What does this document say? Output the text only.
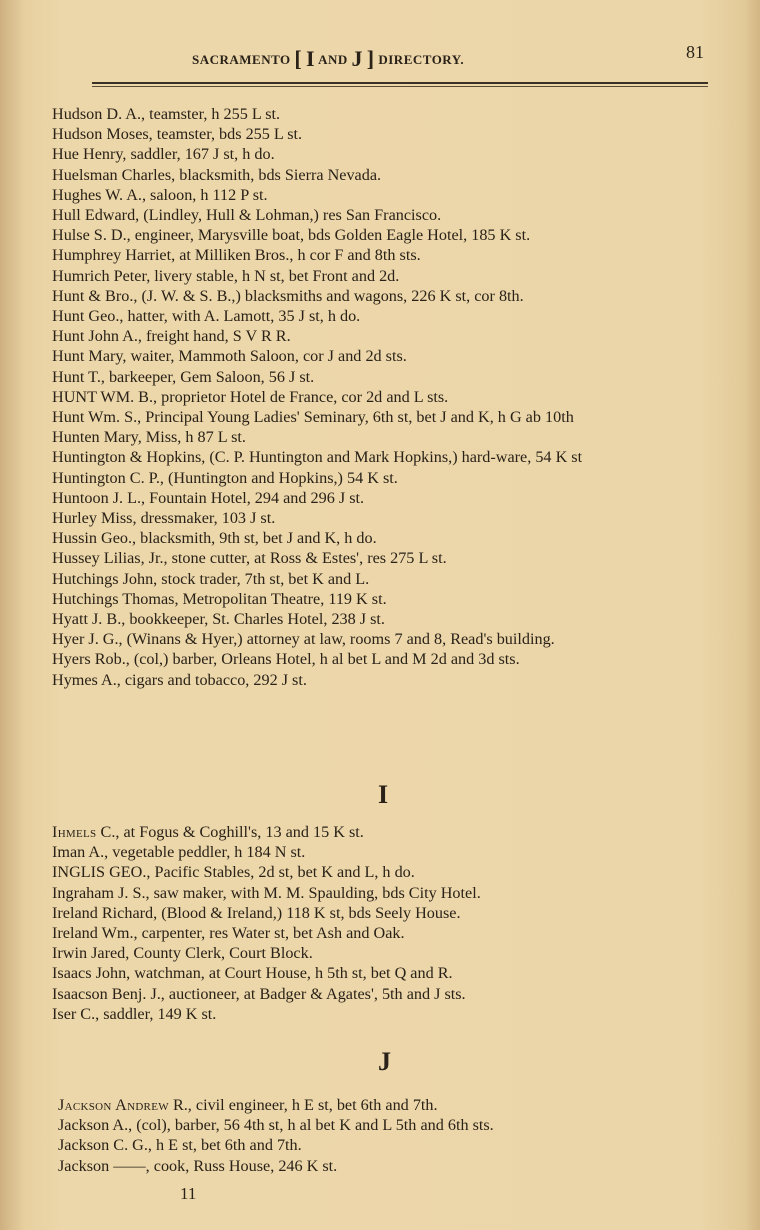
SACRAMENTO [ I AND J ] DIRECTORY.	81
Hudson D. A., teamster, h 255 L st.
Hudson Moses, teamster, bds 255 L st.
Hue Henry, saddler, 167 J st, h do.
Huelsman Charles, blacksmith, bds Sierra Nevada.
Hughes W. A., saloon, h 112 P st.
Hull Edward, (Lindley, Hull & Lohman,) res San Francisco.
Hulse S. D., engineer, Marysville boat, bds Golden Eagle Hotel, 185 K st.
Humphrey Harriet, at Milliken Bros., h cor F and 8th sts.
Humrich Peter, livery stable, h N st, bet Front and 2d.
Hunt & Bro., (J. W. & S. B.,) blacksmiths and wagons, 226 K st, cor 8th.
Hunt Geo., hatter, with A. Lamott, 35 J st, h do.
Hunt John A., freight hand, S V R R.
Hunt Mary, waiter, Mammoth Saloon, cor J and 2d sts.
Hunt T., barkeeper, Gem Saloon, 56 J st.
HUNT WM. B., proprietor Hotel de France, cor 2d and L sts.
Hunt Wm. S., Principal Young Ladies' Seminary, 6th st, bet J and K, h G ab 10th
Hunten Mary, Miss, h 87 L st.
Huntington & Hopkins, (C. P. Huntington and Mark Hopkins,) hard-ware, 54 K st
Huntington C. P., (Huntington and Hopkins,) 54 K st.
Huntoon J. L., Fountain Hotel, 294 and 296 J st.
Hurley Miss, dressmaker, 103 J st.
Hussin Geo., blacksmith, 9th st, bet J and K, h do.
Hussey Lilias, Jr., stone cutter, at Ross & Estes', res 275 L st.
Hutchings John, stock trader, 7th st, bet K and L.
Hutchings Thomas, Metropolitan Theatre, 119 K st.
Hyatt J. B., bookkeeper, St. Charles Hotel, 238 J st.
Hyer J. G., (Winans & Hyer,) attorney at law, rooms 7 and 8, Read's building.
Hyers Rob., (col,) barber, Orleans Hotel, h al bet L and M 2d and 3d sts.
Hymes A., cigars and tobacco, 292 J st.
I
Ihmels C., at Fogus & Coghill's, 13 and 15 K st.
Iman A., vegetable peddler, h 184 N st.
INGLIS GEO., Pacific Stables, 2d st, bet K and L, h do.
Ingraham J. S., saw maker, with M. M. Spaulding, bds City Hotel.
Ireland Richard, (Blood & Ireland,) 118 K st, bds Seely House.
Ireland Wm., carpenter, res Water st, bet Ash and Oak.
Irwin Jared, County Clerk, Court Block.
Isaacs John, watchman, at Court House, h 5th st, bet Q and R.
Isaacson Benj. J., auctioneer, at Badger & Agates', 5th and J sts.
Iser C., saddler, 149 K st.
J
Jackson Andrew R., civil engineer, h E st, bet 6th and 7th.
Jackson A., (col), barber, 56 4th st, h al bet K and L 5th and 6th sts.
Jackson C. G., h E st, bet 6th and 7th.
Jackson ——, cook, Russ House, 246 K st.
11
